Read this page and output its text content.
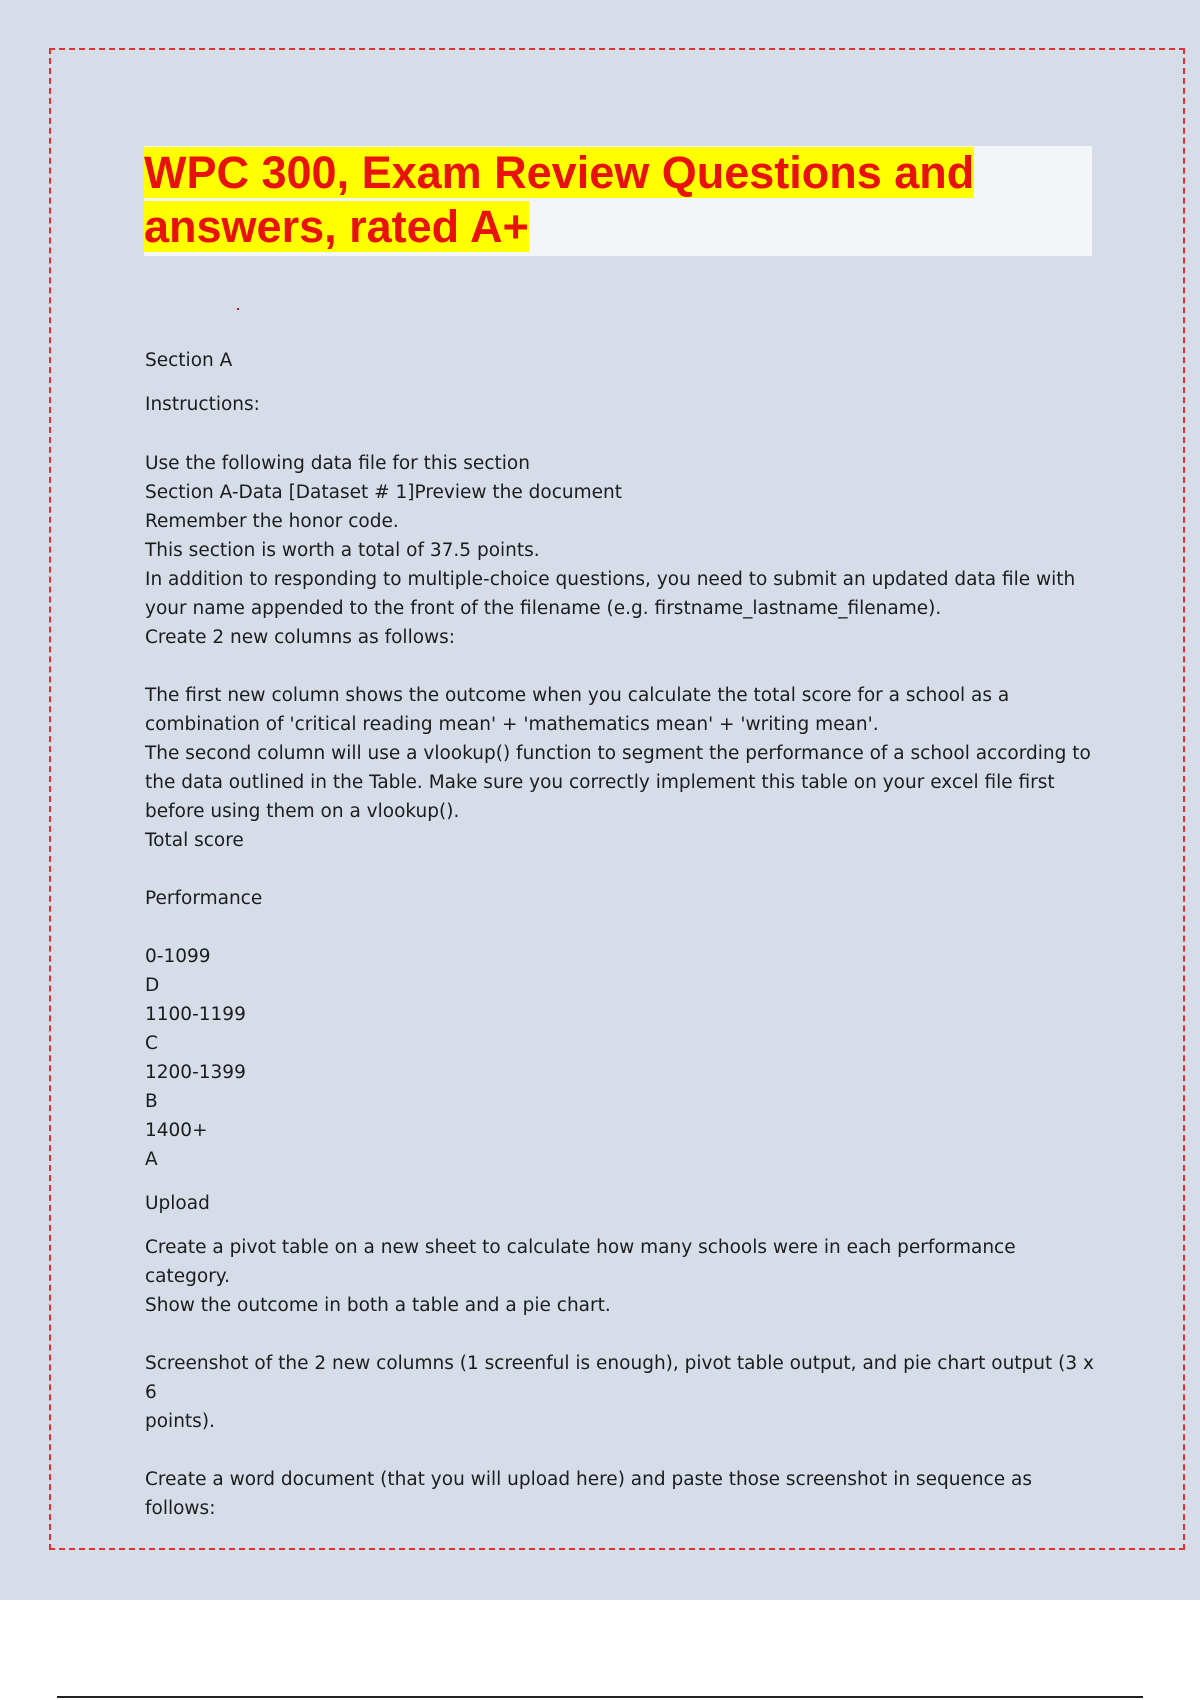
WPC 300, Exam Review Questions and
answers, rated A+

Section A

Instructions:

Use the following data file for this section

Section A-Data [Dataset # 1]Preview the document

Remember the honor code.

This section is worth a total of 37.5 points.

In addition to responding to multiple-choice questions, you need to submit an updated data file with

your name appended to the front of the filename (e.g. firstname_lastname_filename).

Create 2 new columns as follows:

The first new column shows the outcome when you calculate the total score for a school as a

combination of 'critical reading mean' + 'mathematics mean' + 'writing mean'.

The second column will use a vlookup() function to segment the performance of a school according to

the data outlined in the Table. Make sure you correctly implement this table on your excel file first

before using them on a vlookup().

Total score

Performance

0-1099

D

1100-1199

C

1200-1399

B

1400+

A

Upload

Create a pivot table on a new sheet to calculate how many schools were in each performance category.

Show the outcome in both a table and a pie chart.

Screenshot of the 2 new columns (1 screenful is enough), pivot table output, and pie chart output (3 x 6

points).

Create a word document (that you will upload here) and paste those screenshot in sequence as follows:
